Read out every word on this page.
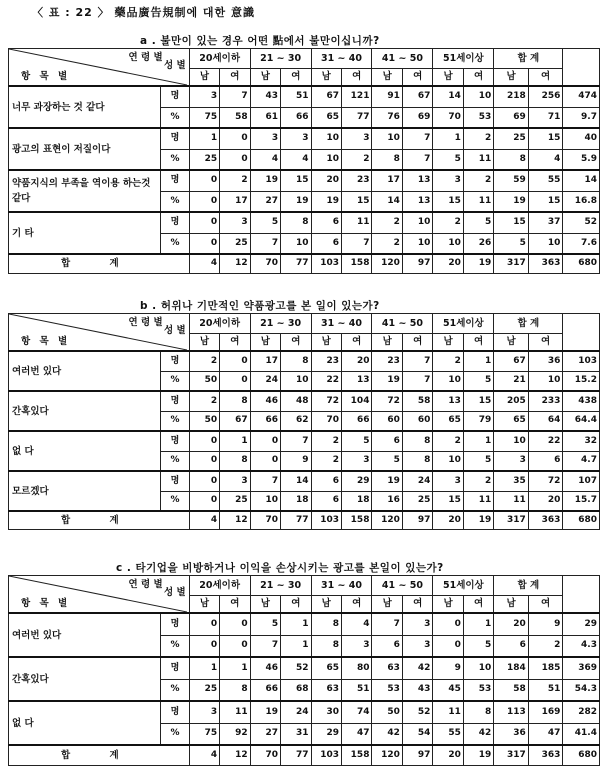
〈 표 : 22 〉 藥品廣告規制에 대한 意識
a . 불만이 있는 경우 어떤 點에서 불만이십니까?
연 령 별
성 별
항 목 별		20세이하		21 ~ 30		31 ~ 40		41 ~ 50		51세이상		합 계		
		남	여	남	여	남	여	남	여	남	여	남	여	
너무 과장하는 것 같다	명	3	7	43	51	67	121	91	67	14	10	218	256	474
	%	75	58	61	66	65	77	76	69	70	53	69	71	9.7
광고의 표현이 저질이다	명	1	0	3	3	10	3	10	7	1	2	25	15	40
	%	25	0	4	4	10	2	8	7	5	11	8	4	5.9
약품지식의 부족을 역이용 하는것 같다	명	0	2	19	15	20	23	17	13	3	2	59	55	14
	%	0	17	27	19	19	15	14	13	15	11	19	15	16.8
기 타	명	0	3	5	8	6	11	2	10	2	5	15	37	52
	%	0	25	7	10	6	7	2	10	10	26	5	10	7.6
합 계		4	12	70	77	103	158	120	97	20	19	317	363	680
b . 허위나 기만적인 약품광고를 본 일이 있는가?
연 령 별
성 별
항 목 별		20세이하		21 ~ 30		31 ~ 40		41 ~ 50		51세이상		합 계		
		남	여	남	여	남	여	남	여	남	여	남	여	
여러번 있다	명	2	0	17	8	23	20	23	7	2	1	67	36	103
	%	50	0	24	10	22	13	19	7	10	5	21	10	15.2
간혹있다	명	2	8	46	48	72	104	72	58	13	15	205	233	438
	%	50	67	66	62	70	66	60	60	65	79	65	64	64.4
없 다	명	0	1	0	7	2	5	6	8	2	1	10	22	32
	%	0	8	0	9	2	3	5	8	10	5	3	6	4.7
모르겠다	명	0	3	7	14	6	29	19	24	3	2	35	72	107
	%	0	25	10	18	6	18	16	25	15	11	11	20	15.7
합 계		4	12	70	77	103	158	120	97	20	19	317	363	680
c . 타기업을 비방하거나 이익을 손상시키는 광고를 본일이 있는가?
연 령 별
성 별
항 목 별		20세이하		21 ~ 30		31 ~ 40		41 ~ 50		51세이상		합 계		
		남	여	남	여	남	여	남	여	남	여	남	여	
여러번 있다	명	0	0	5	1	8	4	7	3	0	1	20	9	29
	%	0	0	7	1	8	3	6	3	0	5	6	2	4.3
간혹있다	명	1	1	46	52	65	80	63	42	9	10	184	185	369
	%	25	8	66	68	63	51	53	43	45	53	58	51	54.3
없 다	명	3	11	19	24	30	74	50	52	11	8	113	169	282
	%	75	92	27	31	29	47	42	54	55	42	36	47	41.4
합 계		4	12	70	77	103	158	120	97	20	19	317	363	680
